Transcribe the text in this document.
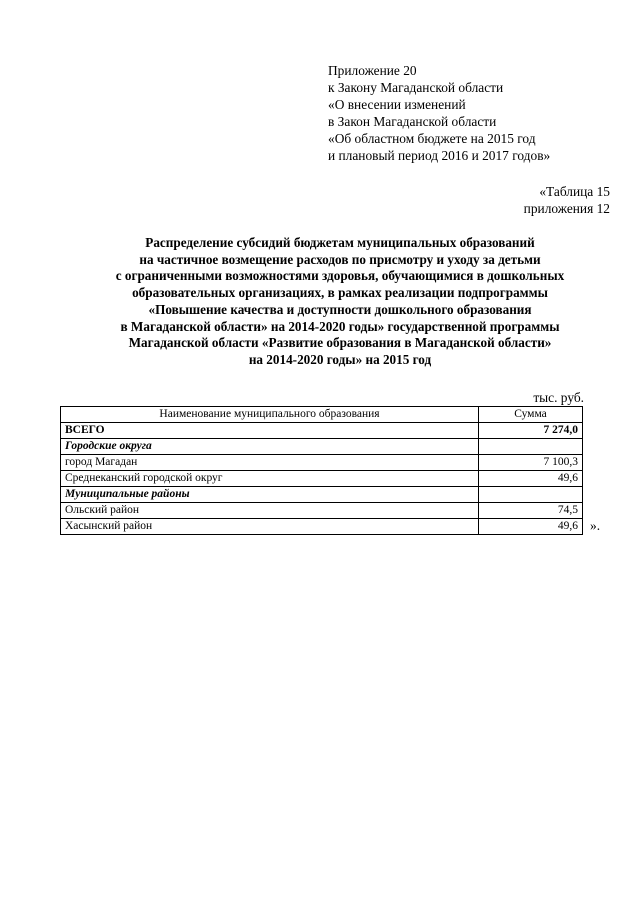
Приложение 20
к Закону Магаданской области
«О внесении изменений
в Закон Магаданской области
«Об областном бюджете на 2015 год
и плановый период 2016 и 2017 годов»
«Таблица 15
приложения 12
Распределение субсидий бюджетам муниципальных образований
на частичное возмещение расходов по присмотру и уходу за детьми
с ограниченными возможностями здоровья, обучающимися в дошкольных
образовательных организациях, в рамках реализации подпрограммы
«Повышение качества и доступности дошкольного образования
в Магаданской области» на 2014-2020 годы» государственной программы
Магаданской области «Развитие образования в Магаданской области»
на 2014-2020 годы» на 2015 год
тыс. руб.
Наименование муниципального образования	Сумма
ВСЕГО	7 274,0
Городские округа	
город Магадан	7 100,3
Среднеканский городской округ	49,6
Муниципальные районы	
Ольский район	74,5
Хасынский район	49,6 ».
